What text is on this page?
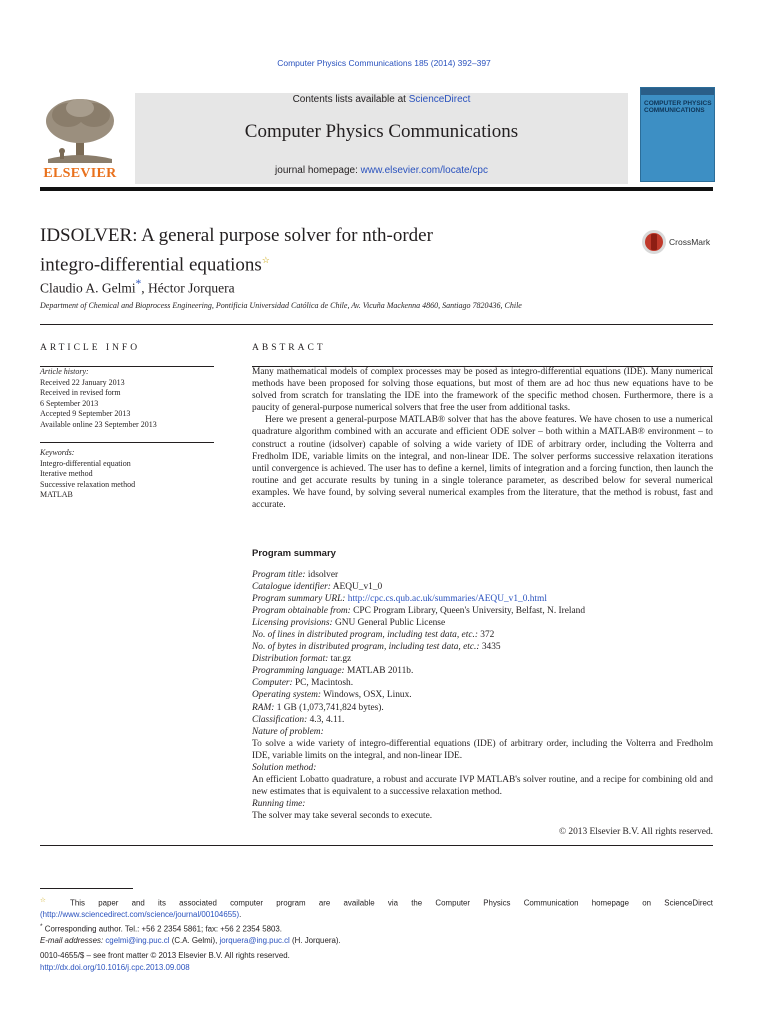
Computer Physics Communications 185 (2014) 392–397
ELSEVIER
Contents lists available at ScienceDirect
Computer Physics Communications
journal homepage: www.elsevier.com/locate/cpc
COMPUTER PHYSICS COMMUNICATIONS
IDSOLVER: A general purpose solver for nth-order
integro-differential equations☆
CrossMark
Claudio A. Gelmi*, Héctor Jorquera
Department of Chemical and Bioprocess Engineering, Pontificia Universidad Católica de Chile, Av. Vicuña Mackenna 4860, Santiago 7820436, Chile
ARTICLE INFO	ABSTRACT
Article history:
Received 22 January 2013
Received in revised form
6 September 2013
Accepted 9 September 2013
Available online 23 September 2013
Keywords:
Integro-differential equation
Iterative method
Successive relaxation method
MATLAB

Many mathematical models of complex processes may be posed as integro-differential equations (IDE). Many numerical methods have been proposed for solving those equations, but most of them are ad hoc thus new equations have to be solved from scratch for translating the IDE into the framework of the specific method chosen. Furthermore, there is a paucity of general-purpose numerical solvers that free the user from additional tasks.

Here we present a general-purpose MATLAB® solver that has the above features. We have chosen to use a numerical quadrature algorithm combined with an accurate and efficient ODE solver – both within a MATLAB® environment – to construct a routine (idsolver) capable of solving a wide variety of IDE of arbitrary order, including the Volterra and Fredholm IDE, variable limits on the integral, and non-linear IDE. The solver performs successive relaxation iterations until convergence is achieved. The user has to define a kernel, limits of integration and a forcing function, then launch the routine and get accurate results by tuning in a single tolerance parameter, as described below for several numerical examples. We have found, by solving several numerical examples from the literature, that the method is robust, fast and accurate.

Program summary
Program title: idsolver
Catalogue identifier: AEQU_v1_0
Program summary URL: http://cpc.cs.qub.ac.uk/summaries/AEQU_v1_0.html
Program obtainable from: CPC Program Library, Queen's University, Belfast, N. Ireland
Licensing provisions: GNU General Public License
No. of lines in distributed program, including test data, etc.: 372
No. of bytes in distributed program, including test data, etc.: 3435
Distribution format: tar.gz
Programming language: MATLAB 2011b.
Computer: PC, Macintosh.
Operating system: Windows, OSX, Linux.
RAM: 1 GB (1,073,741,824 bytes).
Classification: 4.3, 4.11.
Nature of problem:
To solve a wide variety of integro-differential equations (IDE) of arbitrary order, including the Volterra and Fredholm IDE, variable limits on the integral, and non-linear IDE.
Solution method:
An efficient Lobatto quadrature, a robust and accurate IVP MATLAB's solver routine, and a recipe for combining old and new estimates that is equivalent to a successive relaxation method.
Running time:
The solver may take several seconds to execute.
© 2013 Elsevier B.V. All rights reserved.
☆ This paper and its associated computer program are available via the Computer Physics Communication homepage on ScienceDirect (http://www.sciencedirect.com/science/journal/00104655).
* Corresponding author. Tel.: +56 2 2354 5861; fax: +56 2 2354 5803.
E-mail addresses: cgelmi@ing.puc.cl (C.A. Gelmi), jorquera@ing.puc.cl (H. Jorquera).
0010-4655/$ – see front matter © 2013 Elsevier B.V. All rights reserved.
http://dx.doi.org/10.1016/j.cpc.2013.09.008
